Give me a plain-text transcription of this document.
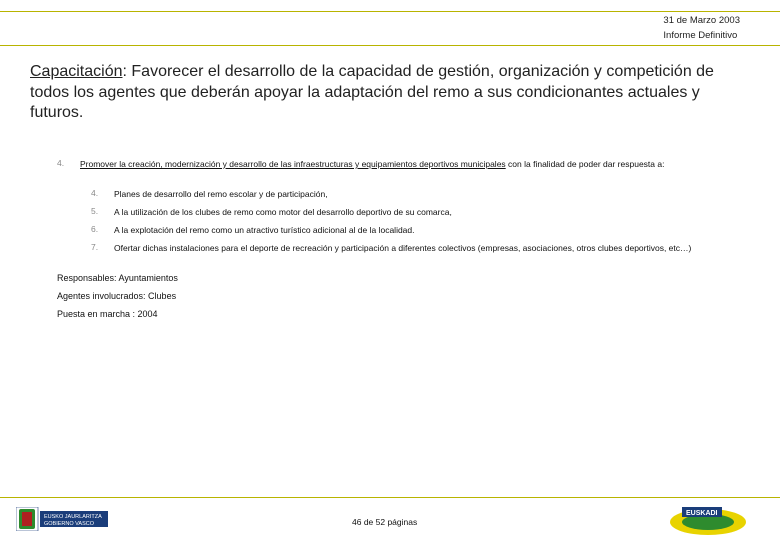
31 de Marzo 2003
Informe Definitivo
Capacitación: Favorecer el desarrollo de la capacidad de gestión, organización y competición de todos los agentes que deberán apoyar la adaptación del remo a sus condicionantes actuales y futuros.
4. Promover la creación, modernización y desarrollo de las infraestructuras y equipamientos deportivos municipales con la finalidad de poder dar respuesta a:
4. Planes de desarrollo del remo escolar y de participación,
5. A la utilización de los clubes de remo como motor del desarrollo deportivo de su comarca,
6. A la explotación del remo como un atractivo turístico adicional al de la localidad.
7. Ofertar dichas instalaciones para el deporte de recreación y participación a diferentes colectivos (empresas, asociaciones, otros clubes deportivos, etc…)
Responsables: Ayuntamientos
Agentes involucrados: Clubes
Puesta en marcha : 2004
EUSKO JAURLARITZA
GOBIERNO VASCO	46 de 52 páginas
EUSKADI
